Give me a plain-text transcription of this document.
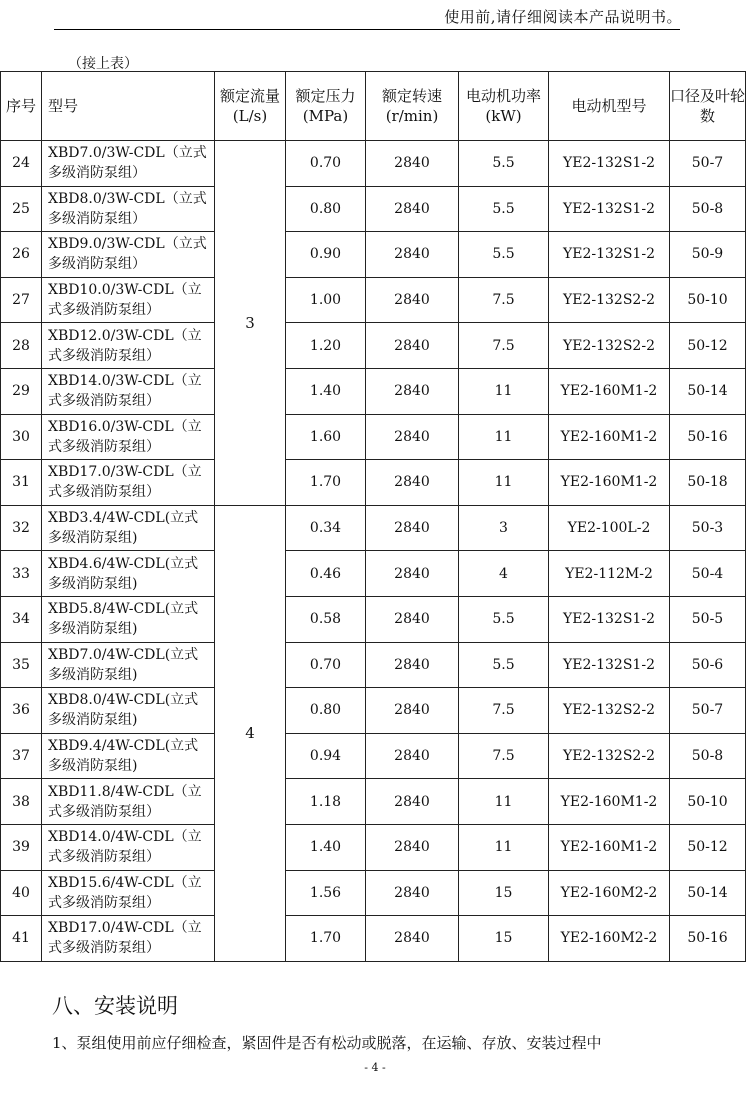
使用前,请仔细阅读本产品说明书。
（接上表）
序号	型号	额定流量(L/s)	额定压力(MPa)	额定转速(r/min)	电动机功率(kW)	电动机型号	口径及叶轮数
24	XBD7.0/3W-CDL（立式多级消防泵组）	3	0.70	2840	5.5	YE2-132S1-2	50-7
25	XBD8.0/3W-CDL（立式多级消防泵组）		0.80	2840	5.5	YE2-132S1-2	50-8
26	XBD9.0/3W-CDL（立式多级消防泵组）		0.90	2840	5.5	YE2-132S1-2	50-9
27	XBD10.0/3W-CDL（立式多级消防泵组）		1.00	2840	7.5	YE2-132S2-2	50-10
28	XBD12.0/3W-CDL（立式多级消防泵组）		1.20	2840	7.5	YE2-132S2-2	50-12
29	XBD14.0/3W-CDL（立式多级消防泵组）		1.40	2840	11	YE2-160M1-2	50-14
30	XBD16.0/3W-CDL（立式多级消防泵组）		1.60	2840	11	YE2-160M1-2	50-16
31	XBD17.0/3W-CDL（立式多级消防泵组）		1.70	2840	11	YE2-160M1-2	50-18
32	XBD3.4/4W-CDL(立式多级消防泵组)	4	0.34	2840	3	YE2-100L-2	50-3
33	XBD4.6/4W-CDL(立式多级消防泵组)		0.46	2840	4	YE2-112M-2	50-4
34	XBD5.8/4W-CDL(立式多级消防泵组)		0.58	2840	5.5	YE2-132S1-2	50-5
35	XBD7.0/4W-CDL(立式多级消防泵组)		0.70	2840	5.5	YE2-132S1-2	50-6
36	XBD8.0/4W-CDL(立式多级消防泵组)		0.80	2840	7.5	YE2-132S2-2	50-7
37	XBD9.4/4W-CDL(立式多级消防泵组)		0.94	2840	7.5	YE2-132S2-2	50-8
38	XBD11.8/4W-CDL（立式多级消防泵组）		1.18	2840	11	YE2-160M1-2	50-10
39	XBD14.0/4W-CDL（立式多级消防泵组）		1.40	2840	11	YE2-160M1-2	50-12
40	XBD15.6/4W-CDL（立式多级消防泵组）		1.56	2840	15	YE2-160M2-2	50-14
41	XBD17.0/4W-CDL（立式多级消防泵组）		1.70	2840	15	YE2-160M2-2	50-16
八、安装说明
1、泵组使用前应仔细检查，紧固件是否有松动或脱落，在运输、存放、安装过程中
- 4 -
